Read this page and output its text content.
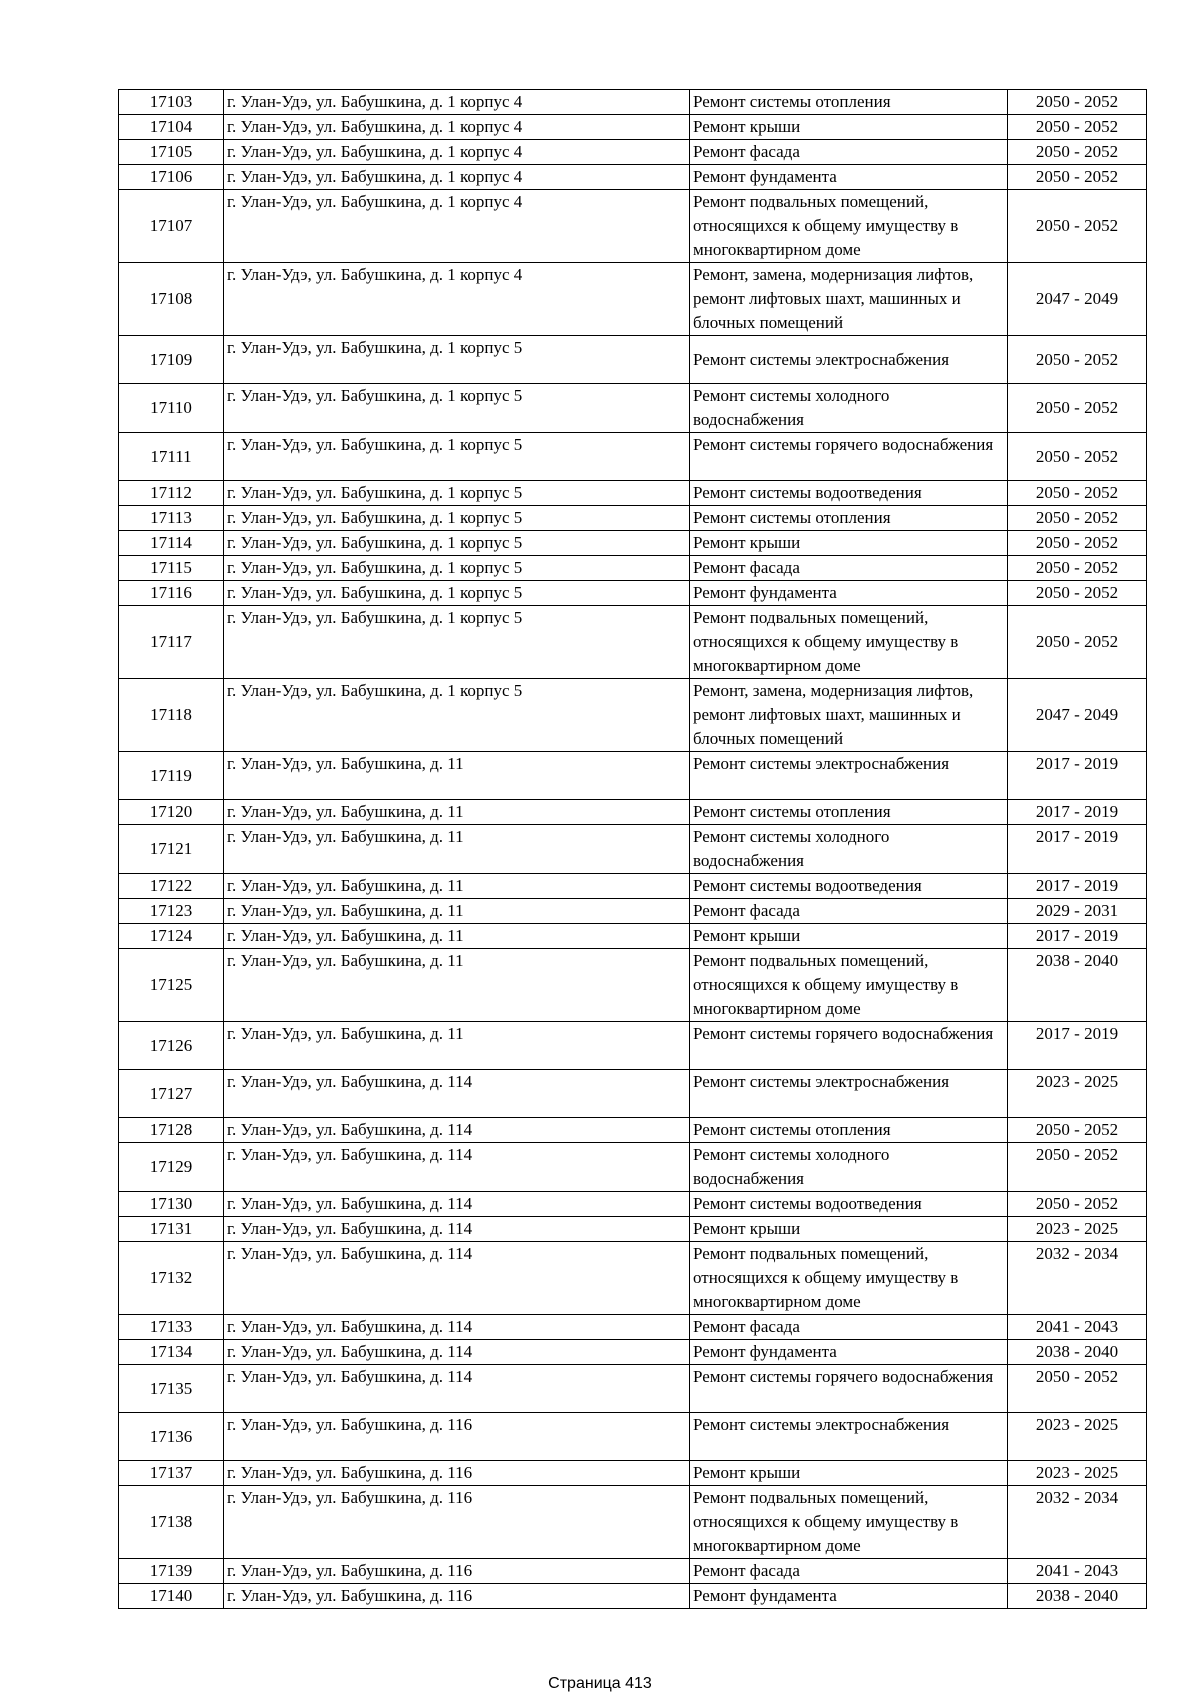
17103	г. Улан-Удэ, ул. Бабушкина, д. 1 корпус 4	Ремонт системы отопления	2050 - 2052
17104	г. Улан-Удэ, ул. Бабушкина, д. 1 корпус 4	Ремонт крыши	2050 - 2052
17105	г. Улан-Удэ, ул. Бабушкина, д. 1 корпус 4	Ремонт фасада	2050 - 2052
17106	г. Улан-Удэ, ул. Бабушкина, д. 1 корпус 4	Ремонт фундамента	2050 - 2052
17107	г. Улан-Удэ, ул. Бабушкина, д. 1 корпус 4	Ремонт подвальных помещений, относящихся к общему имуществу в многоквартирном доме	2050 - 2052
17108	г. Улан-Удэ, ул. Бабушкина, д. 1 корпус 4	Ремонт, замена, модернизация лифтов, ремонт лифтовых шахт, машинных и блочных помещений	2047 - 2049
17109	г. Улан-Удэ, ул. Бабушкина, д. 1 корпус 5	Ремонт системы электроснабжения	2050 - 2052
17110	г. Улан-Удэ, ул. Бабушкина, д. 1 корпус 5	Ремонт системы холодного водоснабжения	2050 - 2052
17111	г. Улан-Удэ, ул. Бабушкина, д. 1 корпус 5	Ремонт системы горячего водоснабжения	2050 - 2052
17112	г. Улан-Удэ, ул. Бабушкина, д. 1 корпус 5	Ремонт системы водоотведения	2050 - 2052
17113	г. Улан-Удэ, ул. Бабушкина, д. 1 корпус 5	Ремонт системы отопления	2050 - 2052
17114	г. Улан-Удэ, ул. Бабушкина, д. 1 корпус 5	Ремонт крыши	2050 - 2052
17115	г. Улан-Удэ, ул. Бабушкина, д. 1 корпус 5	Ремонт фасада	2050 - 2052
17116	г. Улан-Удэ, ул. Бабушкина, д. 1 корпус 5	Ремонт фундамента	2050 - 2052
17117	г. Улан-Удэ, ул. Бабушкина, д. 1 корпус 5	Ремонт подвальных помещений, относящихся к общему имуществу в многоквартирном доме	2050 - 2052
17118	г. Улан-Удэ, ул. Бабушкина, д. 1 корпус 5	Ремонт, замена, модернизация лифтов, ремонт лифтовых шахт, машинных и блочных помещений	2047 - 2049
17119	г. Улан-Удэ, ул. Бабушкина, д. 11	Ремонт системы электроснабжения	2017 - 2019
17120	г. Улан-Удэ, ул. Бабушкина, д. 11	Ремонт системы отопления	2017 - 2019
17121	г. Улан-Удэ, ул. Бабушкина, д. 11	Ремонт системы холодного водоснабжения	2017 - 2019
17122	г. Улан-Удэ, ул. Бабушкина, д. 11	Ремонт системы водоотведения	2017 - 2019
17123	г. Улан-Удэ, ул. Бабушкина, д. 11	Ремонт фасада	2029 - 2031
17124	г. Улан-Удэ, ул. Бабушкина, д. 11	Ремонт крыши	2017 - 2019
17125	г. Улан-Удэ, ул. Бабушкина, д. 11	Ремонт подвальных помещений, относящихся к общему имуществу в многоквартирном доме	2038 - 2040
17126	г. Улан-Удэ, ул. Бабушкина, д. 11	Ремонт системы горячего водоснабжения	2017 - 2019
17127	г. Улан-Удэ, ул. Бабушкина, д. 114	Ремонт системы электроснабжения	2023 - 2025
17128	г. Улан-Удэ, ул. Бабушкина, д. 114	Ремонт системы отопления	2050 - 2052
17129	г. Улан-Удэ, ул. Бабушкина, д. 114	Ремонт системы холодного водоснабжения	2050 - 2052
17130	г. Улан-Удэ, ул. Бабушкина, д. 114	Ремонт системы водоотведения	2050 - 2052
17131	г. Улан-Удэ, ул. Бабушкина, д. 114	Ремонт крыши	2023 - 2025
17132	г. Улан-Удэ, ул. Бабушкина, д. 114	Ремонт подвальных помещений, относящихся к общему имуществу в многоквартирном доме	2032 - 2034
17133	г. Улан-Удэ, ул. Бабушкина, д. 114	Ремонт фасада	2041 - 2043
17134	г. Улан-Удэ, ул. Бабушкина, д. 114	Ремонт фундамента	2038 - 2040
17135	г. Улан-Удэ, ул. Бабушкина, д. 114	Ремонт системы горячего водоснабжения	2050 - 2052
17136	г. Улан-Удэ, ул. Бабушкина, д. 116	Ремонт системы электроснабжения	2023 - 2025
17137	г. Улан-Удэ, ул. Бабушкина, д. 116	Ремонт крыши	2023 - 2025
17138	г. Улан-Удэ, ул. Бабушкина, д. 116	Ремонт подвальных помещений, относящихся к общему имуществу в многоквартирном доме	2032 - 2034
17139	г. Улан-Удэ, ул. Бабушкина, д. 116	Ремонт фасада	2041 - 2043
17140	г. Улан-Удэ, ул. Бабушкина, д. 116	Ремонт фундамента	2038 - 2040
Страница 413
